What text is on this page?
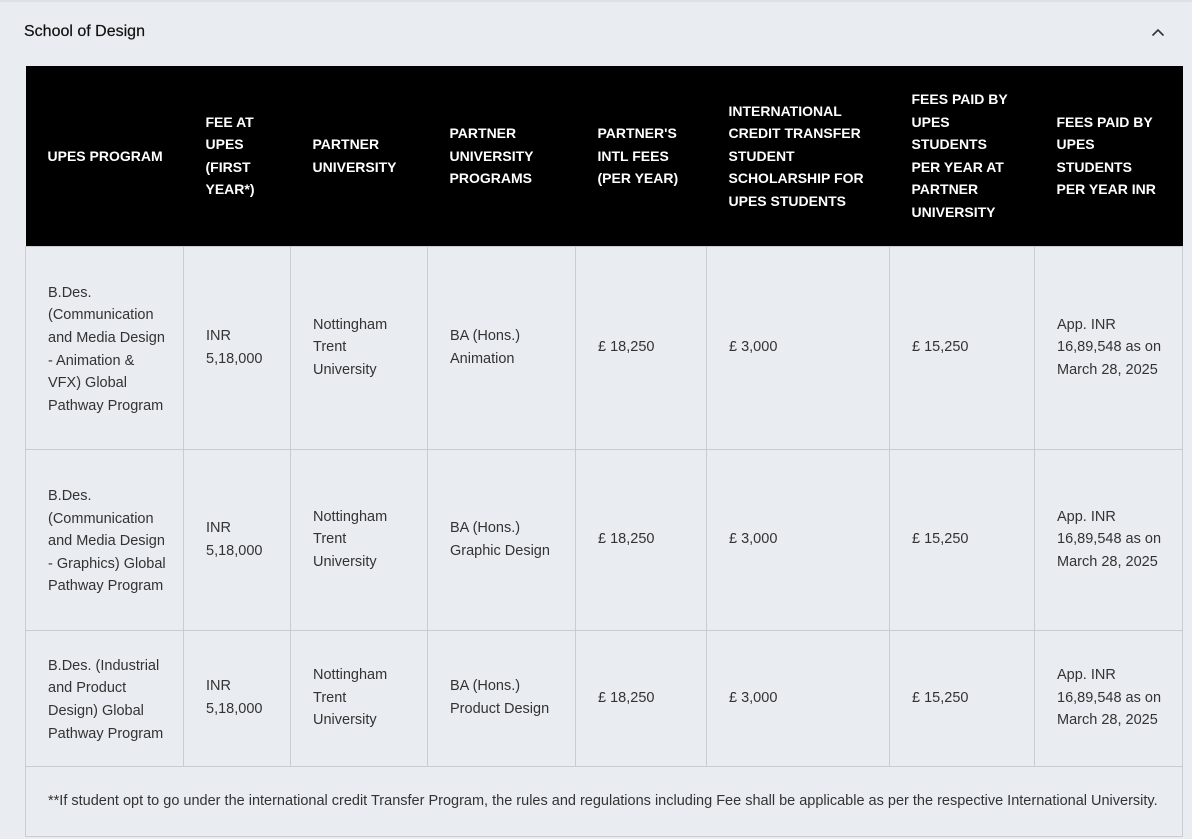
School of Design
UPES PROGRAM	FEE AT UPES (FIRST YEAR*)	PARTNER UNIVERSITY	PARTNER UNIVERSITY PROGRAMS	PARTNER'S INTL FEES (PER YEAR)	INTERNATIONAL CREDIT TRANSFER STUDENT SCHOLARSHIP FOR UPES STUDENTS	FEES PAID BY UPES STUDENTS PER YEAR AT PARTNER UNIVERSITY	FEES PAID BY UPES STUDENTS PER YEAR INR
B.Des. (Communication and Media Design - Animation & VFX) Global Pathway Program	INR 5,18,000	Nottingham Trent University	BA (Hons.) Animation	£ 18,250	£ 3,000	£ 15,250	App. INR 16,89,548 as on March 28, 2025
B.Des. (Communication and Media Design - Graphics) Global Pathway Program	INR 5,18,000	Nottingham Trent University	BA (Hons.) Graphic Design	£ 18,250	£ 3,000	£ 15,250	App. INR 16,89,548 as on March 28, 2025
B.Des. (Industrial and Product Design) Global Pathway Program	INR 5,18,000	Nottingham Trent University	BA (Hons.) Product Design	£ 18,250	£ 3,000	£ 15,250	App. INR 16,89,548 as on March 28, 2025
**If student opt to go under the international credit Transfer Program, the rules and regulations including Fee shall be applicable as per the respective International University.							
